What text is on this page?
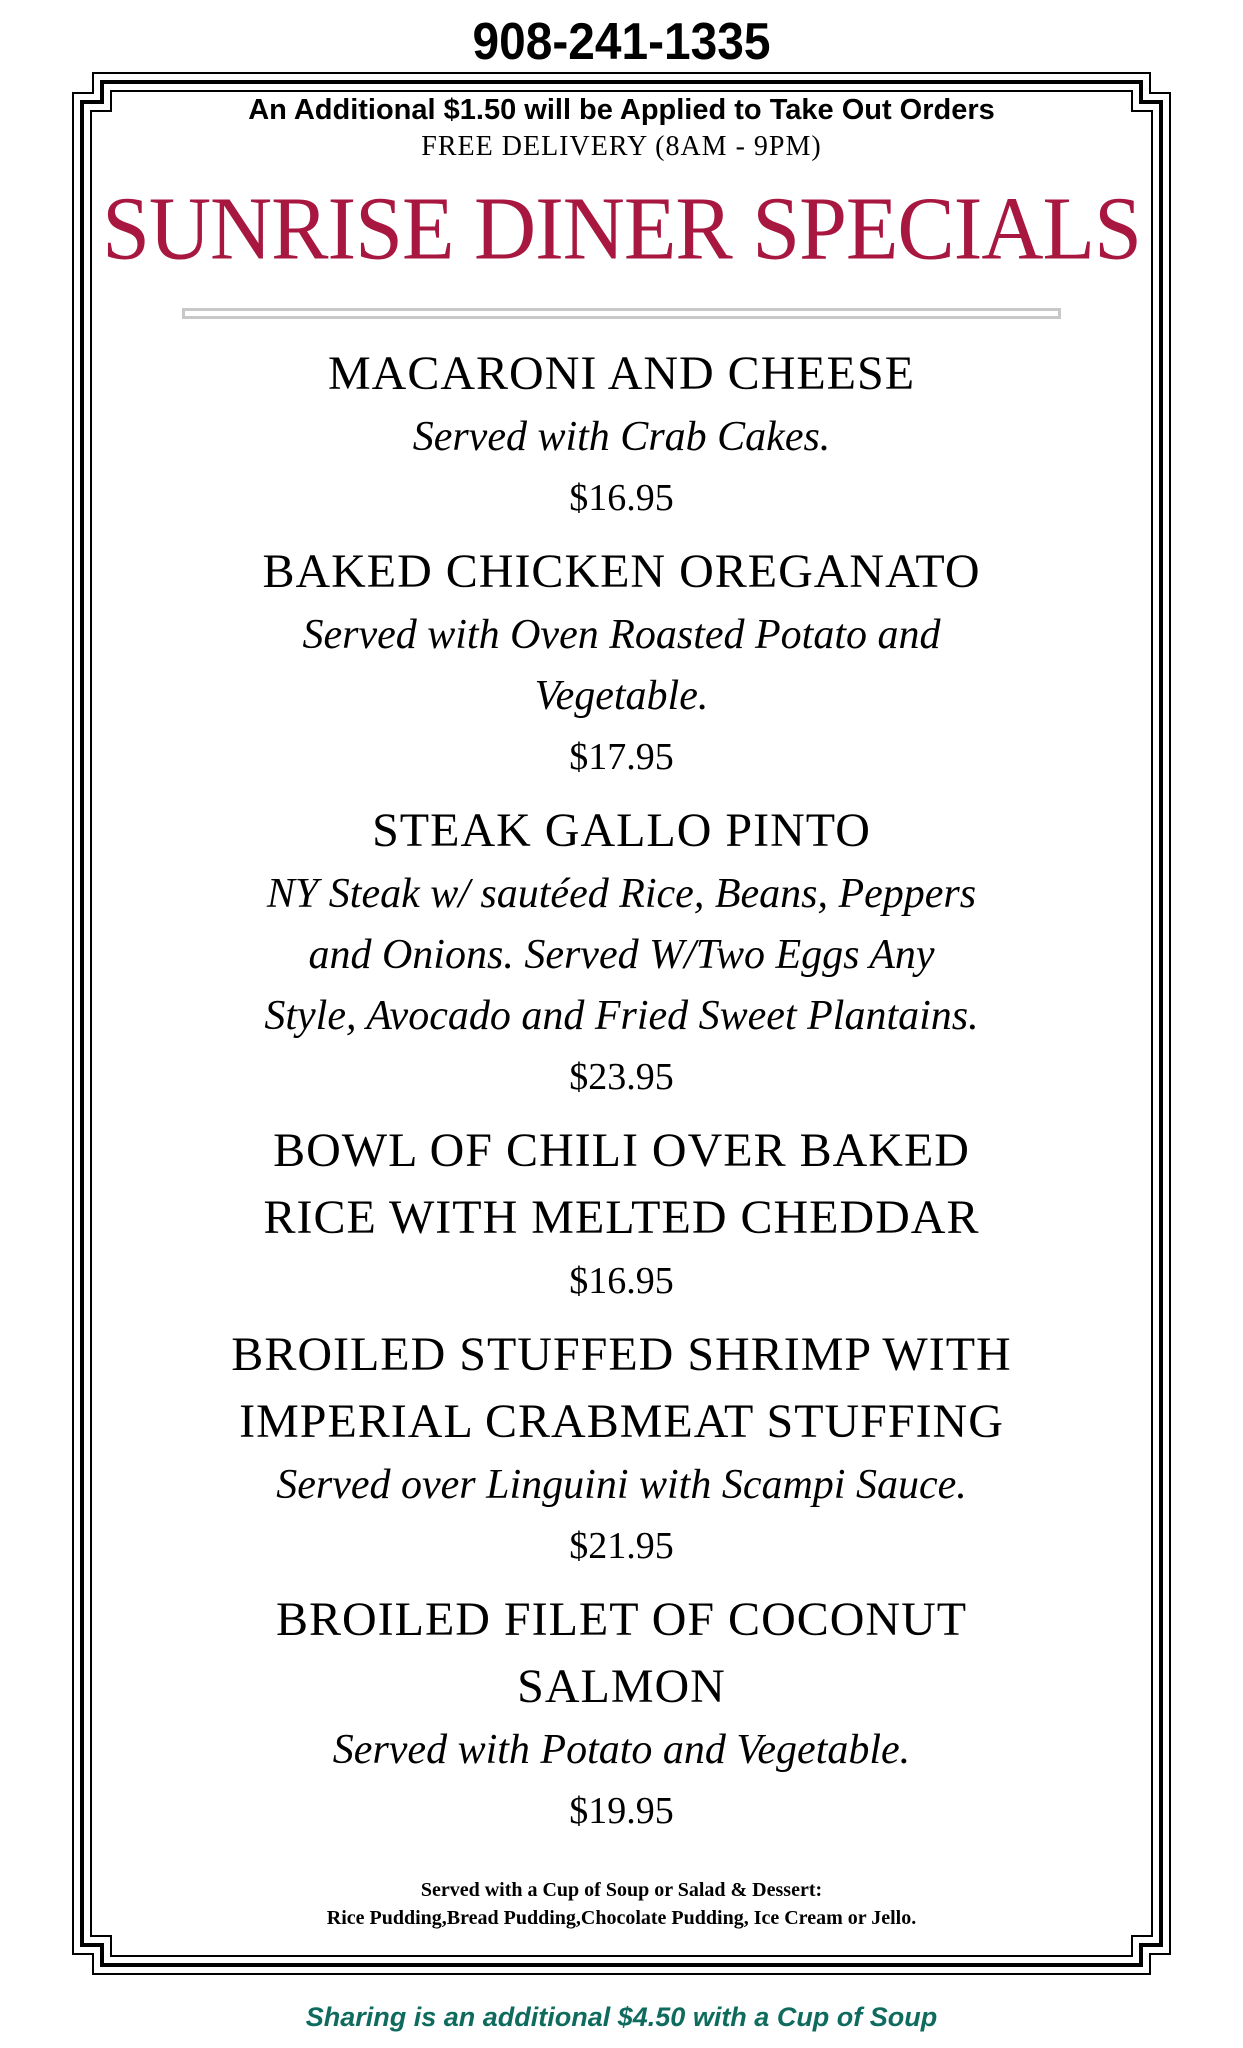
908-241-1335
An Additional $1.50 will be Applied to Take Out Orders
FREE DELIVERY (8AM - 9PM)
SUNRISE DINER SPECIALS
MACARONI AND CHEESE
Served with Crab Cakes.
$16.95
BAKED CHICKEN OREGANATO
Served with Oven Roasted Potato and
Vegetable.
$17.95
STEAK GALLO PINTO
NY Steak w/ sautéed Rice, Beans, Peppers
and Onions. Served W/Two Eggs Any
Style, Avocado and Fried Sweet Plantains.
$23.95
BOWL OF CHILI OVER BAKED
RICE WITH MELTED CHEDDAR
$16.95
BROILED STUFFED SHRIMP WITH
IMPERIAL CRABMEAT STUFFING
Served over Linguini with Scampi Sauce.
$21.95
BROILED FILET OF COCONUT
SALMON
Served with Potato and Vegetable.
$19.95
Served with a Cup of Soup or Salad & Dessert:
Rice Pudding,Bread Pudding,Chocolate Pudding, Ice Cream or Jello.
Sharing is an additional $4.50 with a Cup of Soup
